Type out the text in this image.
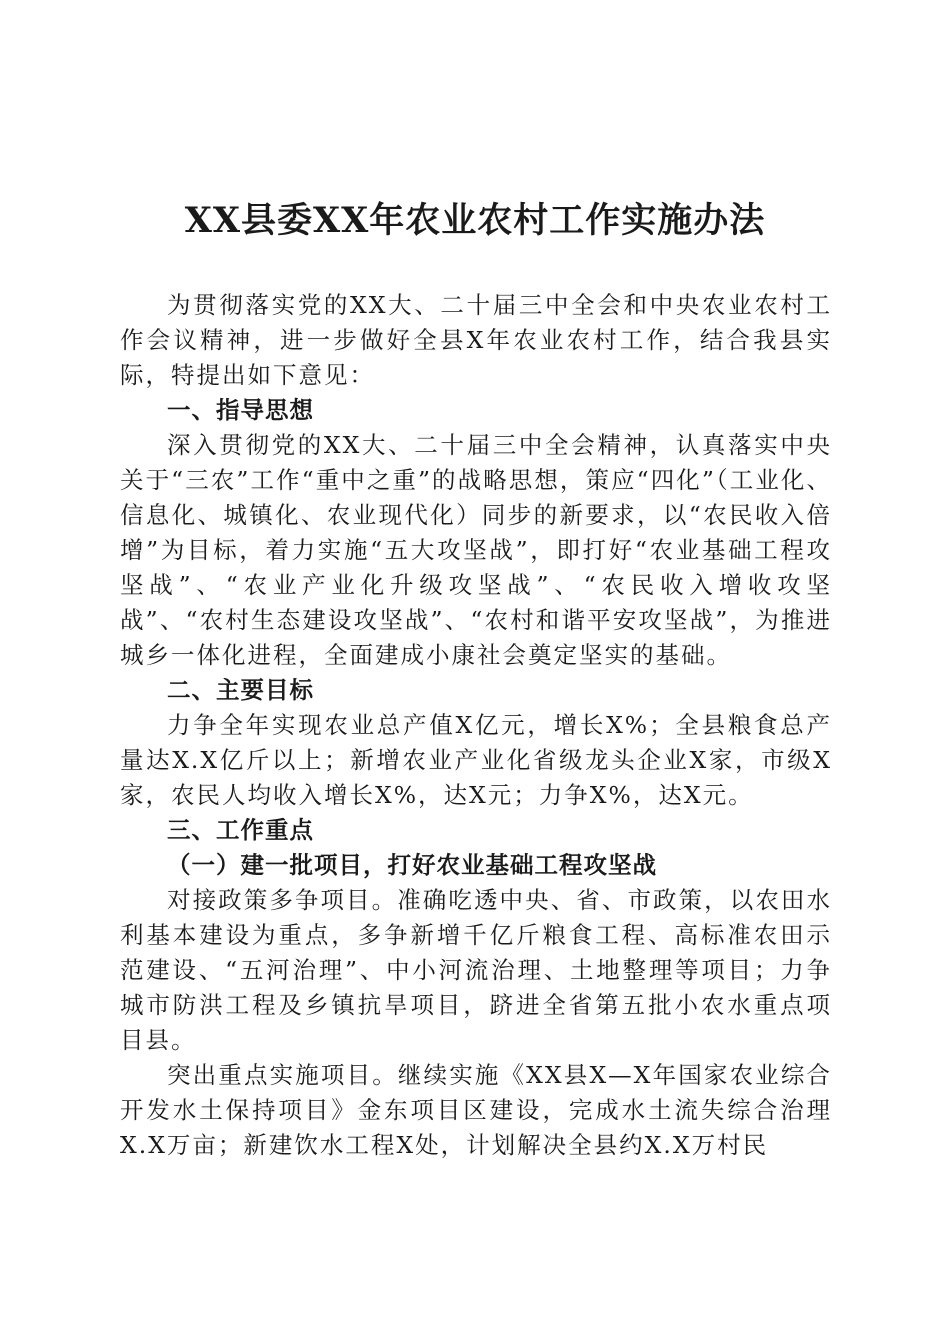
XX县委XX年农业农村工作实施办法

为贯彻落实党的XX大、二十届三中全会和中央农业农村工作会议精神，进一步做好全县X年农业农村工作，结合我县实际，特提出如下意见：

一、指导思想

深入贯彻党的XX大、二十届三中全会精神，认真落实中央关于“三农”工作“重中之重”的战略思想，策应“四化”（工业化、信息化、城镇化、农业现代化）同步的新要求，以“农民收入倍增”为目标，着力实施“五大攻坚战”，即打好“农业基础工程攻坚战”、“农业产业化升级攻坚战”、“农民收入增收攻坚战”、“农村生态建设攻坚战”、“农村和谐平安攻坚战”，为推进城乡一体化进程，全面建成小康社会奠定坚实的基础。

二、主要目标

力争全年实现农业总产值X亿元，增长X%；全县粮食总产量达X.X亿斤以上；新增农业产业化省级龙头企业X家，市级X家，农民人均收入增长X%，达X元；力争X%，达X元。

三、工作重点

（一）建一批项目，打好农业基础工程攻坚战

对接政策多争项目。准确吃透中央、省、市政策，以农田水利基本建设为重点，多争新增千亿斤粮食工程、高标准农田示范建设、“五河治理”、中小河流治理、土地整理等项目；力争城市防洪工程及乡镇抗旱项目，跻进全省第五批小农水重点项目县。

突出重点实施项目。继续实施《XX县X—X年国家农业综合开发水土保持项目》金东项目区建设，完成水土流失综合治理X.X万亩；新建饮水工程X处，计划解决全县约X.X万村民
